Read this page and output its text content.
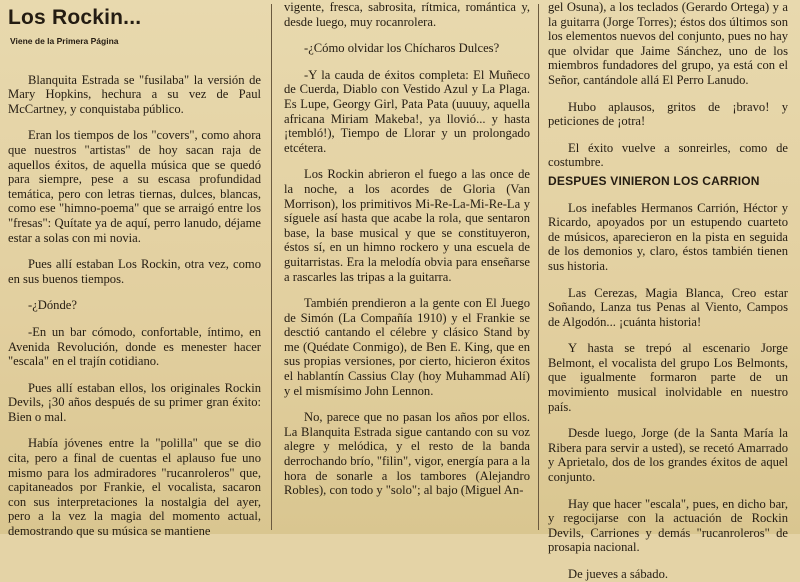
Los Rockin...
Viene de la Primera Página

Blanquita Estrada se "fusilaba" la versión de Mary Hopkins, hechura a su vez de Paul McCartney, y conquistaba público.

Eran los tiempos de los "covers", como ahora que nuestros "artistas" de hoy sacan raja de aquellos éxitos, de aquella música que se quedó para siempre, pese a su escasa profundidad temática, pero con letras tiernas, dulces, blancas, como ese "himno-poema" que se arraigó entre los "fresas": Quítate ya de aquí, perro lanudo, déjame estar a solas con mi novia.

Pues allí estaban Los Rockin, otra vez, como en sus buenos tiempos.

-¿Dónde?

-En un bar cómodo, confortable, íntimo, en Avenida Revolución, donde es menester hacer "escala" en el trajín cotidiano.

Pues allí estaban ellos, los originales Rockin Devils, ¡30 años después de su primer gran éxito: Bien o mal.

Había jóvenes entre la "polilla" que se dio cita, pero a final de cuentas el aplauso fue uno mismo para los admiradores "rucanroleros" que, capitaneados por Frankie, el vocalista, sacaron con sus interpretaciones la nostalgia del ayer, pero a la vez la magia del momento actual, demostrando que su música se mantiene

vigente, fresca, sabrosita, rítmica, romántica y, desde luego, muy rocanrolera.

-¿Cómo olvidar los Chícharos Dulces?

-Y la cauda de éxitos completa: El Muñeco de Cuerda, Diablo con Vestido Azul y La Plaga. Es Lupe, Georgy Girl, Pata Pata (uuuuy, aquella africana Miriam Makeba!, ya llovió... y hasta ¡tembló!), Tiempo de Llorar y un prolongado etcétera.

Los Rockin abrieron el fuego a las once de la noche, a los acordes de Gloria (Van Morrison), los primitivos Mi-Re-La-Mi-Re-La y síguele así hasta que acabe la rola, que sentaron base, la base musical y que se constituyeron, éstos sí, en un himno rockero y una escuela de guitarristas. Era la melodía obvia para enseñarse a rascarles las tripas a la guitarra.

También prendieron a la gente con El Juego de Simón (La Compañía 1910) y el Frankie se desctió cantando el célebre y clásico Stand by me (Quédate Conmigo), de Ben E. King, que en sus propias versiones, por cierto, hicieron éxitos el hablantín Cassius Clay (hoy Muhammad Alí) y el mismísimo John Lennon.

No, parece que no pasan los años por ellos. La Blanquita Estrada sigue cantando con su voz alegre y melódica, y el resto de la banda derrochando brío, "filin", vigor, energía para a la hora de sonarle a los tambores (Alejandro Robles), con todo y "solo"; al bajo (Miguel An-

gel Osuna), a los teclados (Gerardo Ortega) y a la guitarra (Jorge Torres); éstos dos últimos son los elementos nuevos del conjunto, pues no hay que olvidar que Jaime Sánchez, uno de los miembros fundadores del grupo, ya está con el Señor, cantándole allá El Perro Lanudo.

Hubo aplausos, gritos de ¡bravo! y peticiones de ¡otra!

El éxito vuelve a sonreirles, como de costumbre.

DESPUES VINIERON LOS CARRION

Los inefables Hermanos Carrión, Héctor y Ricardo, apoyados por un estupendo cuarteto de músicos, aparecieron en la pista en seguida de los demonios y, claro, éstos también tienen sus historia.

Las Cerezas, Magia Blanca, Creo estar Soñando, Lanza tus Penas al Viento, Campos de Algodón... ¡cuánta historia!

Y hasta se trepó al escenario Jorge Belmont, el vocalista del grupo Los Belmonts, que igualmente formaron parte de un movimiento musical inolvidable en nuestro país.

Desde luego, Jorge (de la Santa María la Ribera para servir a usted), se recetó Amarrado y Aprietalo, dos de los grandes éxitos de aquel conjunto.

Hay que hacer "escala", pues, en dicho bar, y regocijarse con la actuación de Rockin Devils, Carriones y demás "rucanroleros" de prosapia nacional.

De jueves a sábado.
